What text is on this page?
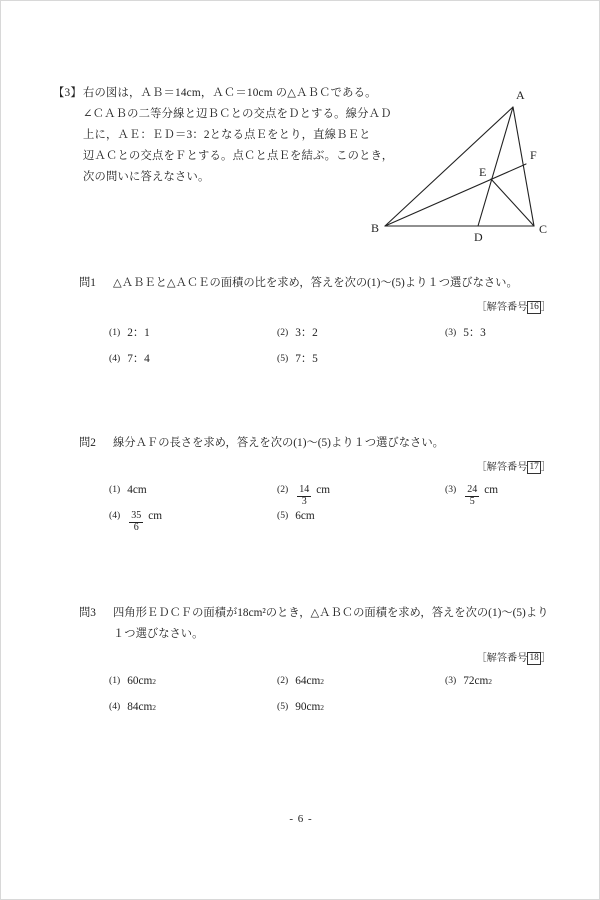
【3】右の図は，ＡＢ＝14cm，ＡＣ＝10cm の△ＡＢＣである。
∠ＣＡＢの二等分線と辺ＢＣとの交点をＤとする。線分ＡＤ
上に，ＡＥ：ＥＤ＝3：2となる点Ｅをとり，直線ＢＥと
辺ＡＣとの交点をＦとする。点Ｃと点Ｅを結ぶ。このとき，
次の問いに答えなさい。
A
B	C
D
E
F
問1	△ＡＢＥと△ＡＣＥの面積の比を求め，答えを次の(1)～(5)より１つ選びなさい。
［解答番号 16 ］
(1) 2：1	(2) 3：2	(3) 5：3
(4) 7：4	(5) 7：5
問2	線分ＡＦの長さを求め，答えを次の(1)～(5)より１つ選びなさい。
［解答番号 17 ］
(1) 4cm	$(2) \frac{14}{3}$ cm	$(3) \frac{24}{5}$ cm
$(4) \frac{35}{6}$ cm	(5) 6cm
問3	四角形ＥＤＣＦの面積が18cm²のとき，△ＡＢＣの面積を求め，答えを次の(1)～(5)より
１つ選びなさい。
［解答番号 18 ］
(1) 60cm 2	(2) 64cm 2	(3) 72cm 2
(4) 84cm 2	(5) 90cm 2
- 6 -
